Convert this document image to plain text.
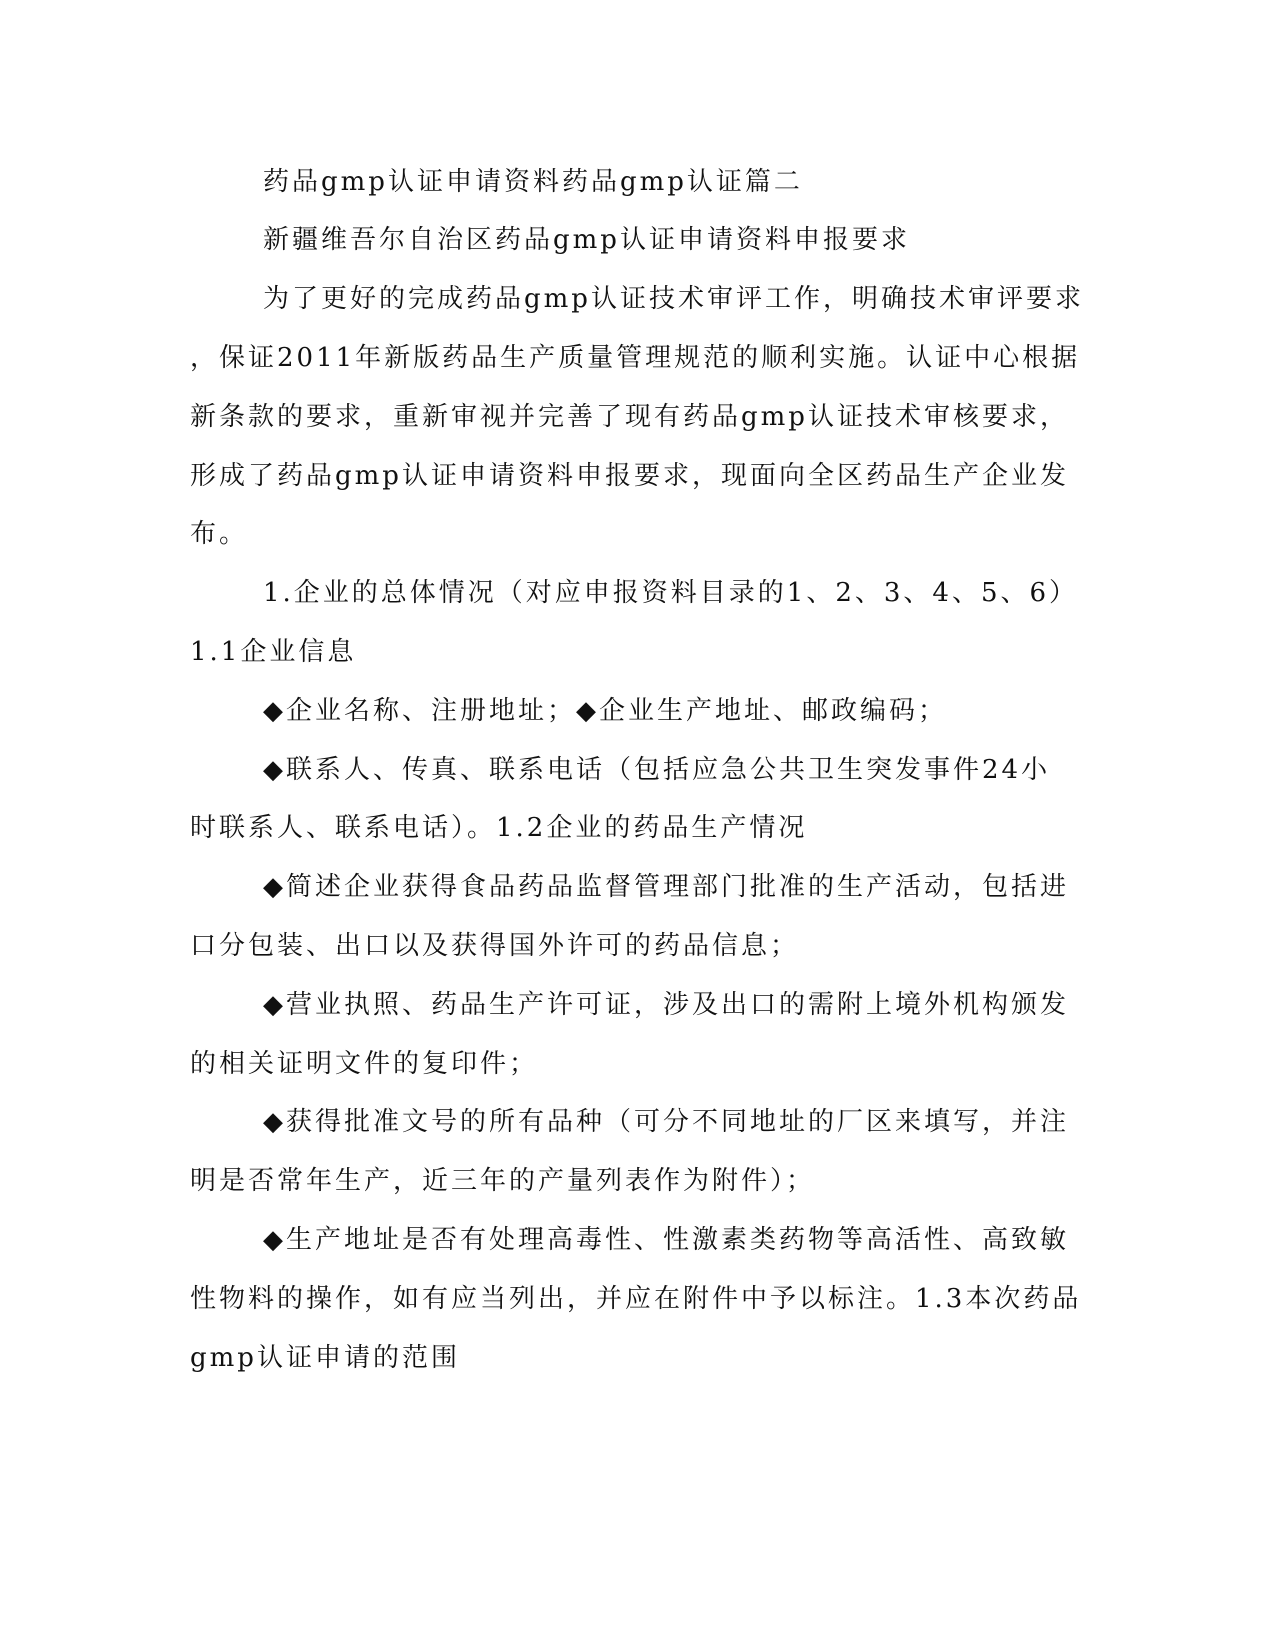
药品gmp认证申请资料药品gmp认证篇二
新疆维吾尔自治区药品gmp认证申请资料申报要求
为了更好的完成药品gmp认证技术审评工作，明确技术审评要求
，保证2011年新版药品生产质量管理规范的顺利实施。认证中心根据
新条款的要求，重新审视并完善了现有药品gmp认证技术审核要求，
形成了药品gmp认证申请资料申报要求，现面向全区药品生产企业发
布。
1.企业的总体情况（对应申报资料目录的1、2、3、4、5、6）
1.1企业信息
◆企业名称、注册地址；◆企业生产地址、邮政编码；
◆联系人、传真、联系电话（包括应急公共卫生突发事件24小
时联系人、联系电话）。1.2企业的药品生产情况
◆简述企业获得食品药品监督管理部门批准的生产活动，包括进
口分包装、出口以及获得国外许可的药品信息；
◆营业执照、药品生产许可证，涉及出口的需附上境外机构颁发
的相关证明文件的复印件；
◆获得批准文号的所有品种（可分不同地址的厂区来填写，并注
明是否常年生产，近三年的产量列表作为附件）；
◆生产地址是否有处理高毒性、性激素类药物等高活性、高致敏
性物料的操作，如有应当列出，并应在附件中予以标注。1.3本次药品
gmp认证申请的范围
